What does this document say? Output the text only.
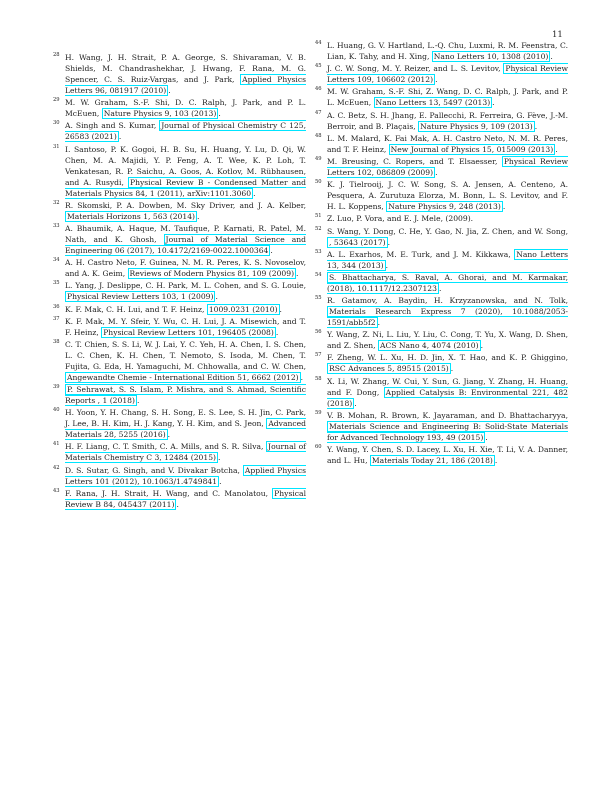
11
28 H. Wang, J. H. Strait, P. A. George, S. Shivaraman, V. B. Shields, M. Chandrashekhar, J. Hwang, F. Rana, M. G. Spencer, C. S. Ruiz-Vargas, and J. Park, Applied Physics Letters 96, 081917 (2010) .
29 M. W. Graham, S.-F. Shi, D. C. Ralph, J. Park, and P. L. McEuen, Nature Physics 9, 103 (2013) .
30 A. Singh and S. Kumar, Journal of Physical Chemistry C 125, 26583 (2021) .
31 I. Santoso, P. K. Gogoi, H. B. Su, H. Huang, Y. Lu, D. Qi, W. Chen, M. A. Majidi, Y. P. Feng, A. T. Wee, K. P. Loh, T. Venkatesan, R. P. Saichu, A. Goos, A. Kotlov, M. Rübhausen, and A. Rusydi, Physical Review B - Condensed Matter and Materials Physics 84, 1 (2011), arXiv:1101.3060 .
32 R. Skomski, P. A. Dowben, M. Sky Driver, and J. A. Kelber, Materials Horizons 1, 563 (2014) .
33 A. Bhaumik, A. Haque, M. Taufique, P. Karnati, R. Patel, M. Nath, and K. Ghosh, Journal of Material Science and Engineering 06 (2017), 10.4172/2169-0022.1000364 .
34 A. H. Castro Neto, F. Guinea, N. M. R. Peres, K. S. Novoselov, and A. K. Geim, Reviews of Modern Physics 81, 109 (2009) .
35 L. Yang, J. Deslippe, C. H. Park, M. L. Cohen, and S. G. Louie, Physical Review Letters 103, 1 (2009) .
36 K. F. Mak, C. H. Lui, and T. F. Heinz, 1009.0231 (2010) .
37 K. F. Mak, M. Y. Sfeir, Y. Wu, C. H. Lui, J. A. Misewich, and T. F. Heinz, Physical Review Letters 101, 196405 (2008) .
38 C. T. Chien, S. S. Li, W. J. Lai, Y. C. Yeh, H. A. Chen, I. S. Chen, L. C. Chen, K. H. Chen, T. Nemoto, S. Isoda, M. Chen, T. Fujita, G. Eda, H. Yamaguchi, M. Chhowalla, and C. W. Chen, Angewandte Chemie - International Edition 51, 6662 (2012) .
39 P. Sehrawat, S. S. Islam, P. Mishra, and S. Ahmad, Scientific Reports , 1 (2018) .
40 H. Yoon, Y. H. Chang, S. H. Song, E. S. Lee, S. H. Jin, C. Park, J. Lee, B. H. Kim, H. J. Kang, Y. H. Kim, and S. Jeon, Advanced Materials 28, 5255 (2016) .
41 H. F. Liang, C. T. Smith, C. A. Mills, and S. R. Silva, Journal of Materials Chemistry C 3, 12484 (2015) .
42 D. S. Sutar, G. Singh, and V. Divakar Botcha, Applied Physics Letters 101 (2012), 10.1063/1.4749841 .
43 F. Rana, J. H. Strait, H. Wang, and C. Manolatou, Physical Review B 84, 045437 (2011) .
44 L. Huang, G. V. Hartland, L.-Q. Chu, Luxmi, R. M. Feenstra, C. Lian, K. Tahy, and H. Xing, Nano Letters 10, 1308 (2010) .
45 J. C. W. Song, M. Y. Reizer, and L. S. Levitov, Physical Review Letters 109, 106602 (2012) .
46 M. W. Graham, S.-F. Shi, Z. Wang, D. C. Ralph, J. Park, and P. L. McEuen, Nano Letters 13, 5497 (2013) .
47 A. C. Betz, S. H. Jhang, E. Pallecchi, R. Ferreira, G. Fève, J.-M. Berroir, and B. Plaçais, Nature Physics 9, 109 (2013) .
48 L. M. Malard, K. Fai Mak, A. H. Castro Neto, N. M. R. Peres, and T. F. Heinz, New Journal of Physics 15, 015009 (2013) .
49 M. Breusing, C. Ropers, and T. Elsaesser, Physical Review Letters 102, 086809 (2009) .
50 K. J. Tielrooij, J. C. W. Song, S. A. Jensen, A. Centeno, A. Pesquera, A. Zurutuza Elorza, M. Bonn, L. S. Levitov, and F. H. L. Koppens, Nature Physics 9, 248 (2013) .
51 Z. Luo, P. Vora, and E. J. Mele, (2009).
52 S. Wang, Y. Dong, C. He, Y. Gao, N. Jia, Z. Chen, and W. Song, , 53643 (2017) .
53 A. L. Exarhos, M. E. Turk, and J. M. Kikkawa, Nano Letters 13, 344 (2013) .
54 S. Bhattacharya, S. Raval, A. Ghorai, and M. Karmakar, (2018), 10.1117/12.2307123 .
55 R. Gatamov, A. Baydin, H. Krzyzanowska, and N. Tolk, Materials Research Express 7 (2020), 10.1088/2053-1591/abb5f2 .
56 Y. Wang, Z. Ni, L. Liu, Y. Liu, C. Cong, T. Yu, X. Wang, D. Shen, and Z. Shen, ACS Nano 4, 4074 (2010) .
57 F. Zheng, W. L. Xu, H. D. Jin, X. T. Hao, and K. P. Ghiggino, RSC Advances 5, 89515 (2015) .
58 X. Li, W. Zhang, W. Cui, Y. Sun, G. Jiang, Y. Zhang, H. Huang, and F. Dong, Applied Catalysis B: Environmental 221, 482 (2018) .
59 V. B. Mohan, R. Brown, K. Jayaraman, and D. Bhattacharyya, Materials Science and Engineering B: Solid-State Materials for Advanced Technology 193, 49 (2015) .
60 Y. Wang, Y. Chen, S. D. Lacey, L. Xu, H. Xie, T. Li, V. A. Danner, and L. Hu, Materials Today 21, 186 (2018) .
